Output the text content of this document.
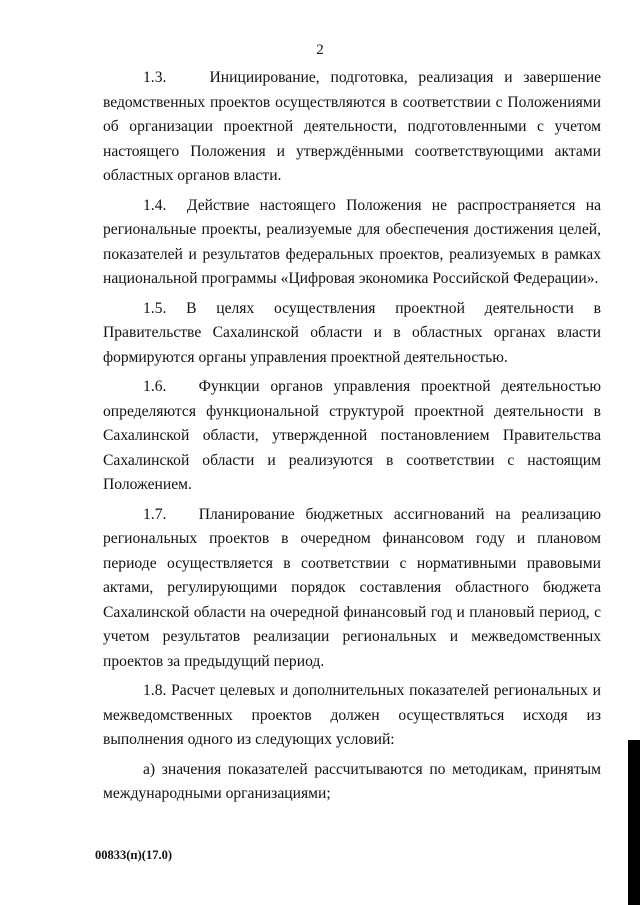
2

1.3.    Инициирование, подготовка, реализация и завершение ведомственных проектов осуществляются в соответствии с Положениями об организации проектной деятельности, подготовленными с учетом настоящего Положения и утверждёнными соответствующими актами областных органов власти.

1.4.  Действие настоящего Положения не распространяется на региональные проекты, реализуемые для обеспечения достижения целей, показателей и результатов федеральных проектов, реализуемых в рамках национальной программы «Цифровая экономика Российской Федерации».

1.5. В целях осуществления проектной деятельности в Правительстве Сахалинской области и в областных органах власти формируются органы управления проектной деятельностью.

1.6.   Функции органов управления проектной деятельностью определяются функциональной структурой проектной деятельности в Сахалинской области, утвержденной постановлением Правительства Сахалинской области и реализуются в соответствии с настоящим Положением.

1.7.   Планирование бюджетных ассигнований на реализацию региональных проектов в очередном финансовом году и плановом периоде осуществляется в соответствии с нормативными правовыми актами, регулирующими порядок составления областного бюджета Сахалинской области на очередной финансовый год и плановый период, с учетом результатов реализации региональных и межведомственных проектов за предыдущий период.

1.8. Расчет целевых и дополнительных показателей региональных и межведомственных проектов должен осуществляться исходя из выполнения одного из следующих условий:

а) значения показателей рассчитываются по методикам, принятым международными организациями;

00833(п)(17.0)
